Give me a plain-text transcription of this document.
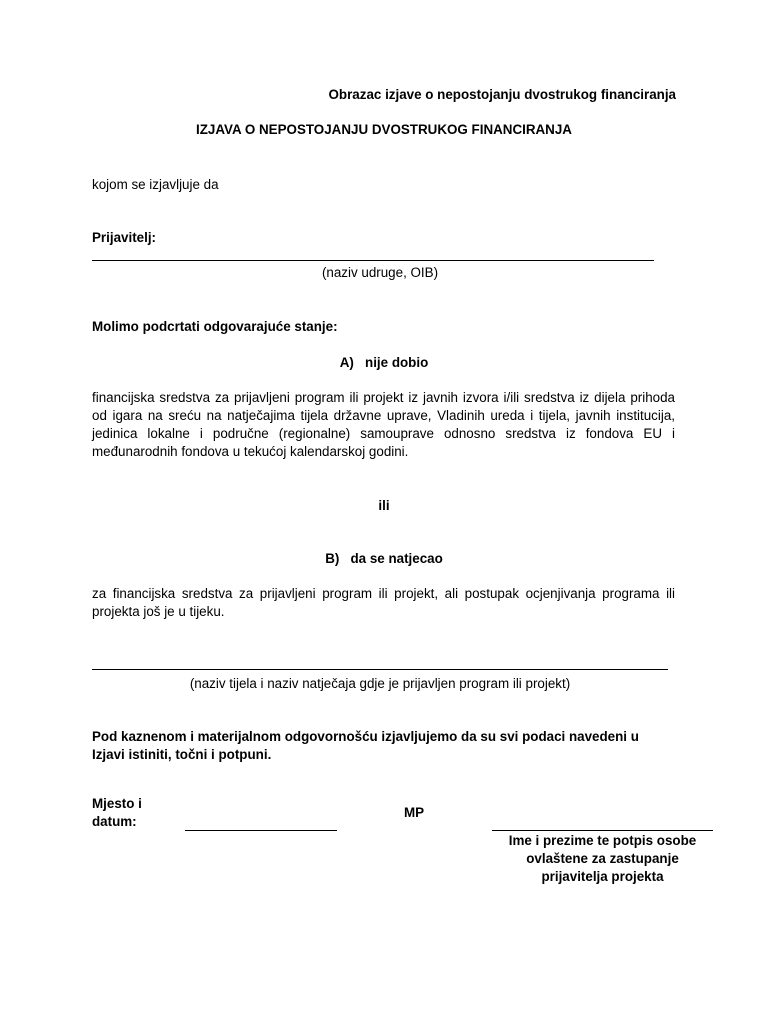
Obrazac izjave o nepostojanju dvostrukog financiranja
IZJAVA O NEPOSTOJANJU DVOSTRUKOG FINANCIRANJA
kojom se izjavljuje da
Prijavitelj:
(naziv udruge, OIB)
Molimo podcrtati odgovarajuće stanje:
A)   nije dobio
financijska sredstva za prijavljeni program ili projekt iz javnih izvora i/ili sredstva iz dijela prihoda od igara na sreću na natječajima tijela državne uprave, Vladinih ureda i tijela, javnih institucija, jedinica lokalne i područne (regionalne) samouprave odnosno sredstva iz fondova EU i međunarodnih fondova u tekućoj kalendarskoj godini.
ili
B)   da se natjecao
za financijska sredstva za prijavljeni program ili projekt, ali postupak ocjenjivanja programa ili projekta još je u tijeku.
(naziv tijela i naziv natječaja gdje je prijavljen program ili projekt)
Pod kaznenom i materijalnom odgovornošću izjavljujemo da su svi podaci navedeni u Izjavi istiniti, točni i potpuni.
Mjesto i
datum:
MP
Ime i prezime te potpis osobe
ovlaštene za zastupanje
prijavitelja projekta
